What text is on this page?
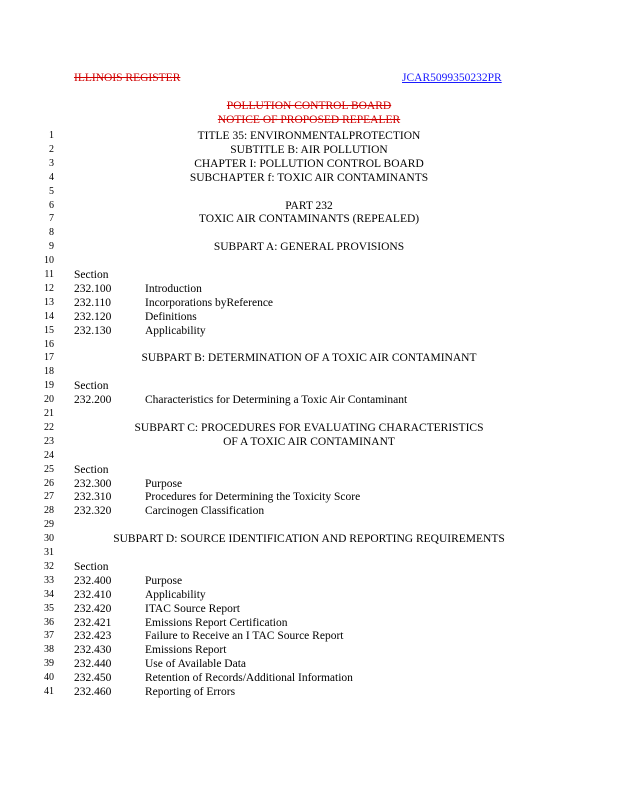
ILLINOIS REGISTER	JCAR5099350232PR
POLLUTION CONTROL BOARD
NOTICE OF PROPOSED REPEALER
1	TITLE 35: ENVIRONMENTALPROTECTION
2	SUBTITLE B: AIR POLLUTION
3	CHAPTER I: POLLUTION CONTROL BOARD
4	SUBCHAPTER f: TOXIC AIR CONTAMINANTS
5
6	PART 232
7	TOXIC AIR CONTAMINANTS (REPEALED)
8
9	SUBPART A: GENERAL PROVISIONS
10
11 Section
12 232.100	Introduction
13 232.110	Incorporations byReference
14 232.120	Definitions
15 232.130	Applicability
16
17	SUBPART B: DETERMINATION OF A TOXIC AIR CONTAMINANT
18
19 Section
20 232.200	Characteristics for Determining a Toxic Air Contaminant
21
22	SUBPART C: PROCEDURES FOR EVALUATING CHARACTERISTICS
23	OF A TOXIC AIR CONTAMINANT
24
25 Section
26 232.300	Purpose
27 232.310	Procedures for Determining the Toxicity Score
28 232.320	Carcinogen Classification
29
30	SUBPART D: SOURCE IDENTIFICATION AND REPORTING REQUIREMENTS
31
32 Section
33 232.400	Purpose
34 232.410	Applicability
35 232.420	ITAC Source Report
36 232.421	Emissions Report Certification
37 232.423	Failure to Receive an I TAC Source Report
38 232.430	Emissions Report
39 232.440	Use of Available Data
40 232.450	Retention of Records/Additional Information
41 232.460	Reporting of Errors
